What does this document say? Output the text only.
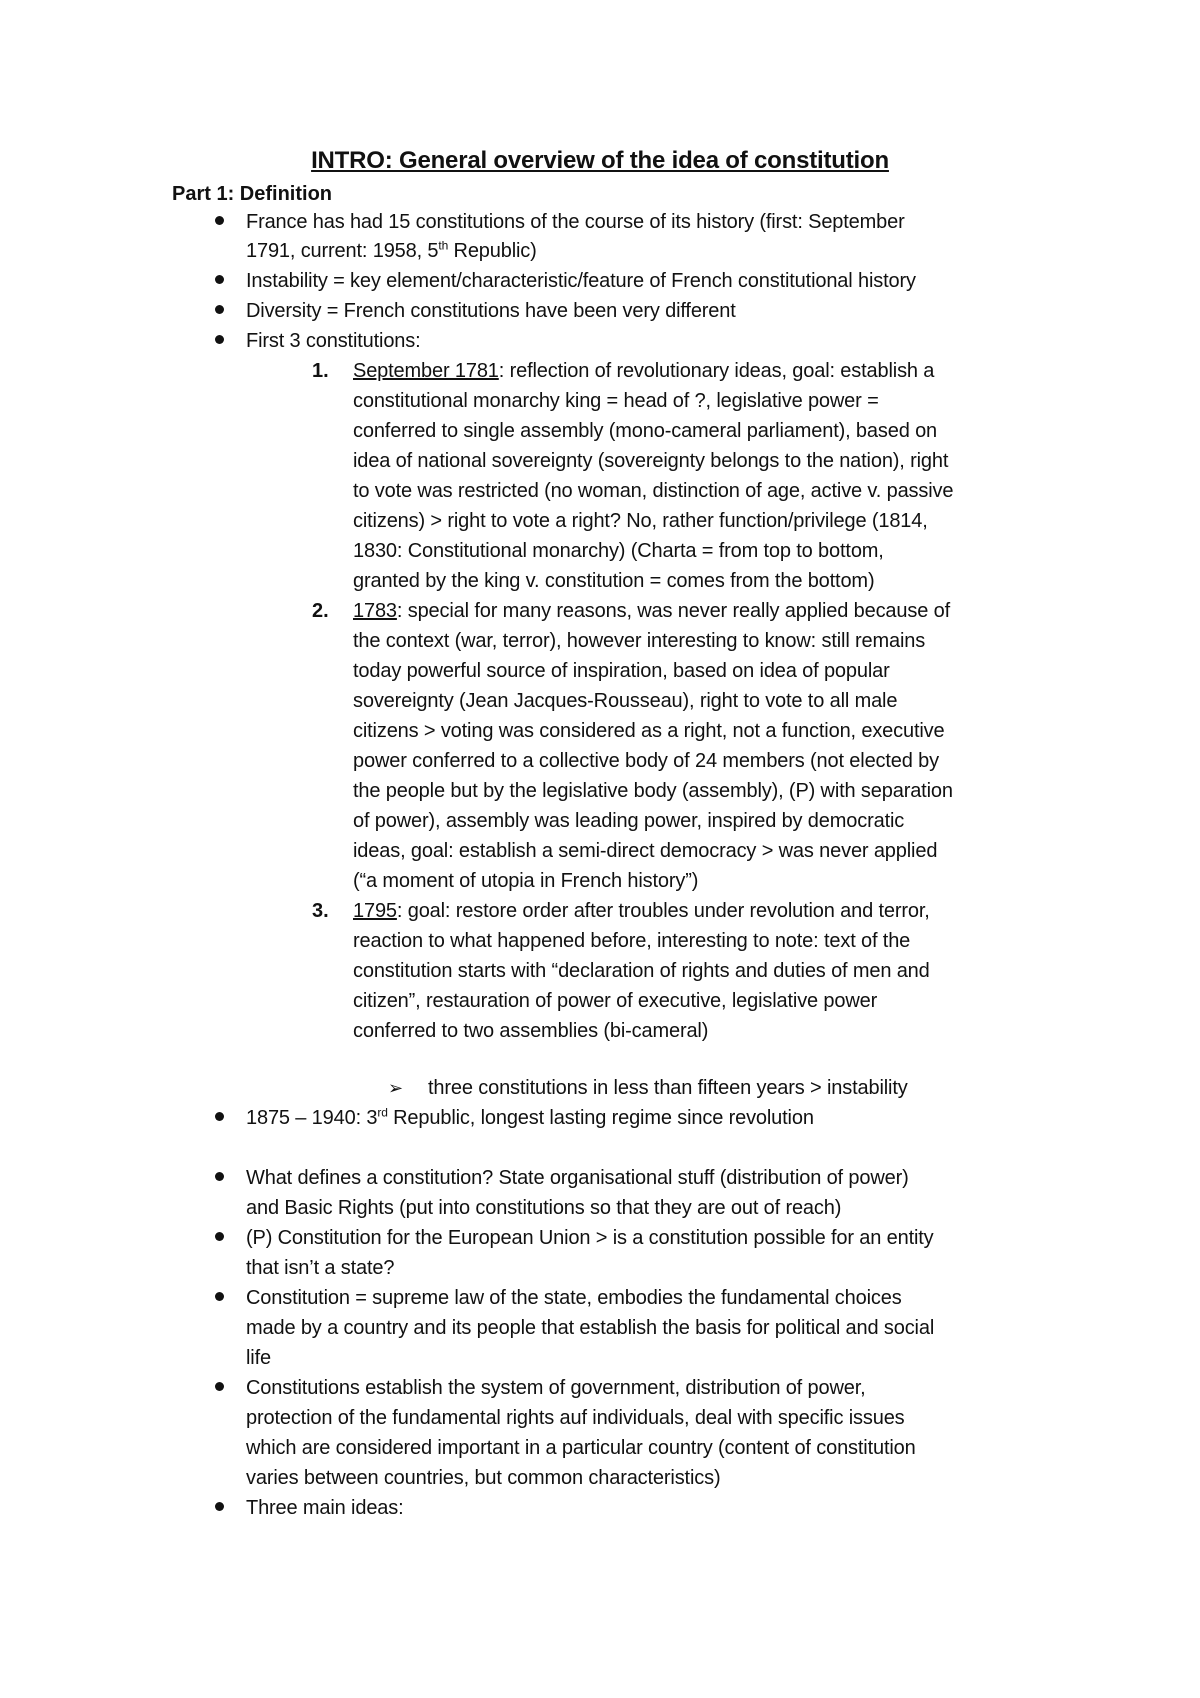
INTRO: General overview of the idea of constitution
Part 1: Definition
France has had 15 constitutions of the course of its history (first: September
1791, current: 1958, 5th Republic)
Instability = key element/characteristic/feature of French constitutional history
Diversity = French constitutions have been very different
First 3 constitutions:
1. September 1781: reflection of revolutionary ideas, goal: establish a
constitutional monarchy king = head of ?, legislative power =
conferred to single assembly (mono-cameral parliament), based on
idea of national sovereignty (sovereignty belongs to the nation), right
to vote was restricted (no woman, distinction of age, active v. passive
citizens) > right to vote a right? No, rather function/privilege (1814,
1830: Constitutional monarchy) (Charta = from top to bottom,
granted by the king v. constitution = comes from the bottom)
2. 1783: special for many reasons, was never really applied because of
the context (war, terror), however interesting to know: still remains
today powerful source of inspiration, based on idea of popular
sovereignty (Jean Jacques-Rousseau), right to vote to all male
citizens > voting was considered as a right, not a function, executive
power conferred to a collective body of 24 members (not elected by
the people but by the legislative body (assembly), (P) with separation
of power), assembly was leading power, inspired by democratic
ideas, goal: establish a semi-direct democracy > was never applied
(“a moment of utopia in French history”)
3. 1795: goal: restore order after troubles under revolution and terror,
reaction to what happened before, interesting to note: text of the
constitution starts with “declaration of rights and duties of men and
citizen”, restauration of power of executive, legislative power
conferred to two assemblies (bi-cameral)
➢ three constitutions in less than fifteen years > instability
1875 – 1940: 3rd Republic, longest lasting regime since revolution
What defines a constitution? State organisational stuff (distribution of power)
and Basic Rights (put into constitutions so that they are out of reach)
(P) Constitution for the European Union > is a constitution possible for an entity
that isn’t a state?
Constitution = supreme law of the state, embodies the fundamental choices
made by a country and its people that establish the basis for political and social
life
Constitutions establish the system of government, distribution of power,
protection of the fundamental rights auf individuals, deal with specific issues
which are considered important in a particular country (content of constitution
varies between countries, but common characteristics)
Three main ideas:
